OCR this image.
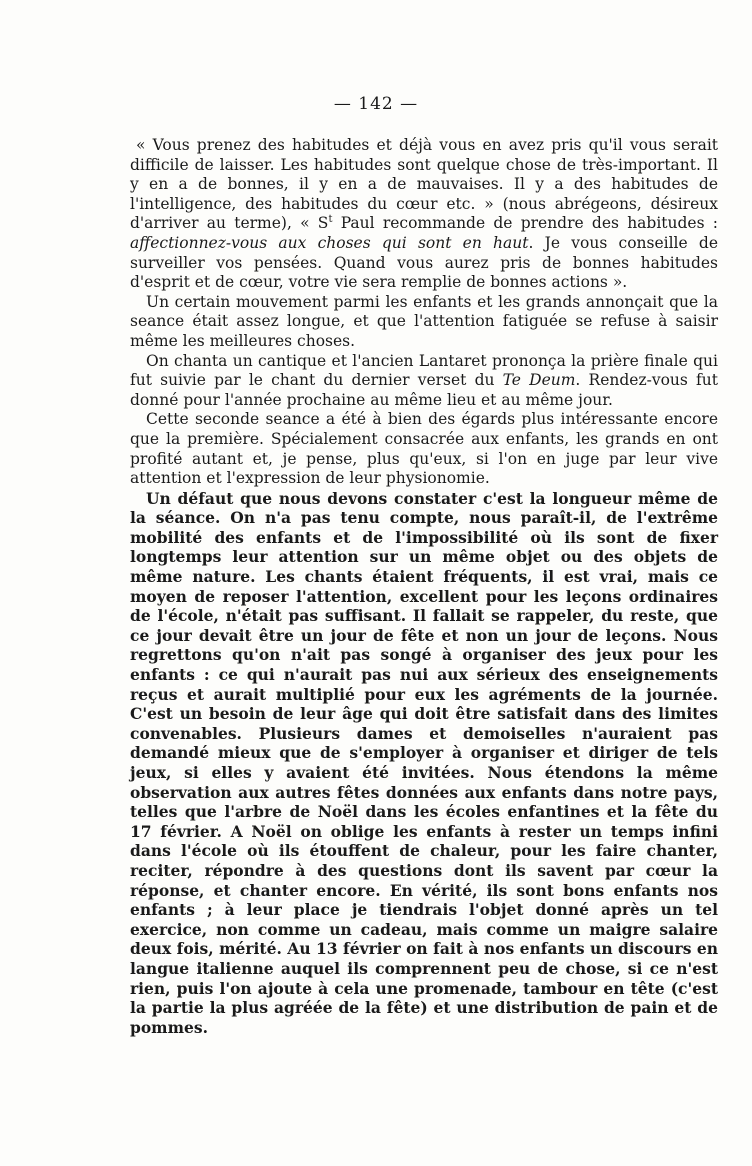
— 142 —

« Vous prenez des habitudes et déjà vous en avez pris qu'il vous serait difficile de laisser. Les habitudes sont quelque chose de très-important. Il y en a de bonnes, il y en a de mauvaises. Il y a des habitudes de l'intelligence, des habitudes du cœur etc. » (nous abrégeons, désireux d'arriver au terme), « $S^t$ Paul recommande de prendre des habitudes : affectionnez-vous aux choses qui sont en haut. Je vous conseille de surveiller vos pensées. Quand vous aurez pris de bonnes habitudes d'esprit et de cœur, votre vie sera remplie de bonnes actions ».

Un certain mouvement parmi les enfants et les grands annonçait que la seance était assez longue, et que l'attention fatiguée se refuse à saisir même les meilleures choses.

On chanta un cantique et l'ancien Lantaret prononça la prière finale qui fut suivie par le chant du dernier verset du Te Deum. Rendez-vous fut donné pour l'année prochaine au même lieu et au même jour.

Cette seconde seance a été à bien des égards plus intéressante encore que la première. Spécialement consacrée aux enfants, les grands en ont profité autant et, je pense, plus qu'eux, si l'on en juge par leur vive attention et l'expression de leur physionomie.

Un défaut que nous devons constater c'est la longueur même de la séance. On n'a pas tenu compte, nous paraît-il, de l'extrême mobilité des enfants et de l'impossibilité où ils sont de fixer longtemps leur attention sur un même objet ou des objets de même nature. Les chants étaient fréquents, il est vrai, mais ce moyen de reposer l'attention, excellent pour les leçons ordinaires de l'école, n'était pas suffisant. Il fallait se rappeler, du reste, que ce jour devait être un jour de fête et non un jour de leçons. Nous regrettons qu'on n'ait pas songé à organiser des jeux pour les enfants : ce qui n'aurait pas nui aux sérieux des enseignements reçus et aurait multiplié pour eux les agréments de la journée. C'est un besoin de leur âge qui doit être satisfait dans des limites convenables. Plusieurs dames et demoiselles n'auraient pas demandé mieux que de s'employer à organiser et diriger de tels jeux, si elles y avaient été invitées. Nous étendons la même observation aux autres fêtes données aux enfants dans notre pays, telles que l'arbre de Noël dans les écoles enfantines et la fête du 17 février. A Noël on oblige les enfants à rester un temps infini dans l'école où ils étouffent de chaleur, pour les faire chanter, reciter, répondre à des questions dont ils savent par cœur la réponse, et chanter encore. En vérité, ils sont bons enfants nos enfants ; à leur place je tiendrais l'objet donné après un tel exercice, non comme un cadeau, mais comme un maigre salaire deux fois, mérité. Au 13 février on fait à nos enfants un discours en langue italienne auquel ils comprennent peu de chose, si ce n'est rien, puis l'on ajoute à cela une promenade, tambour en tête (c'est la partie la plus agréée de la fête) et une distribution de pain et de pommes.
